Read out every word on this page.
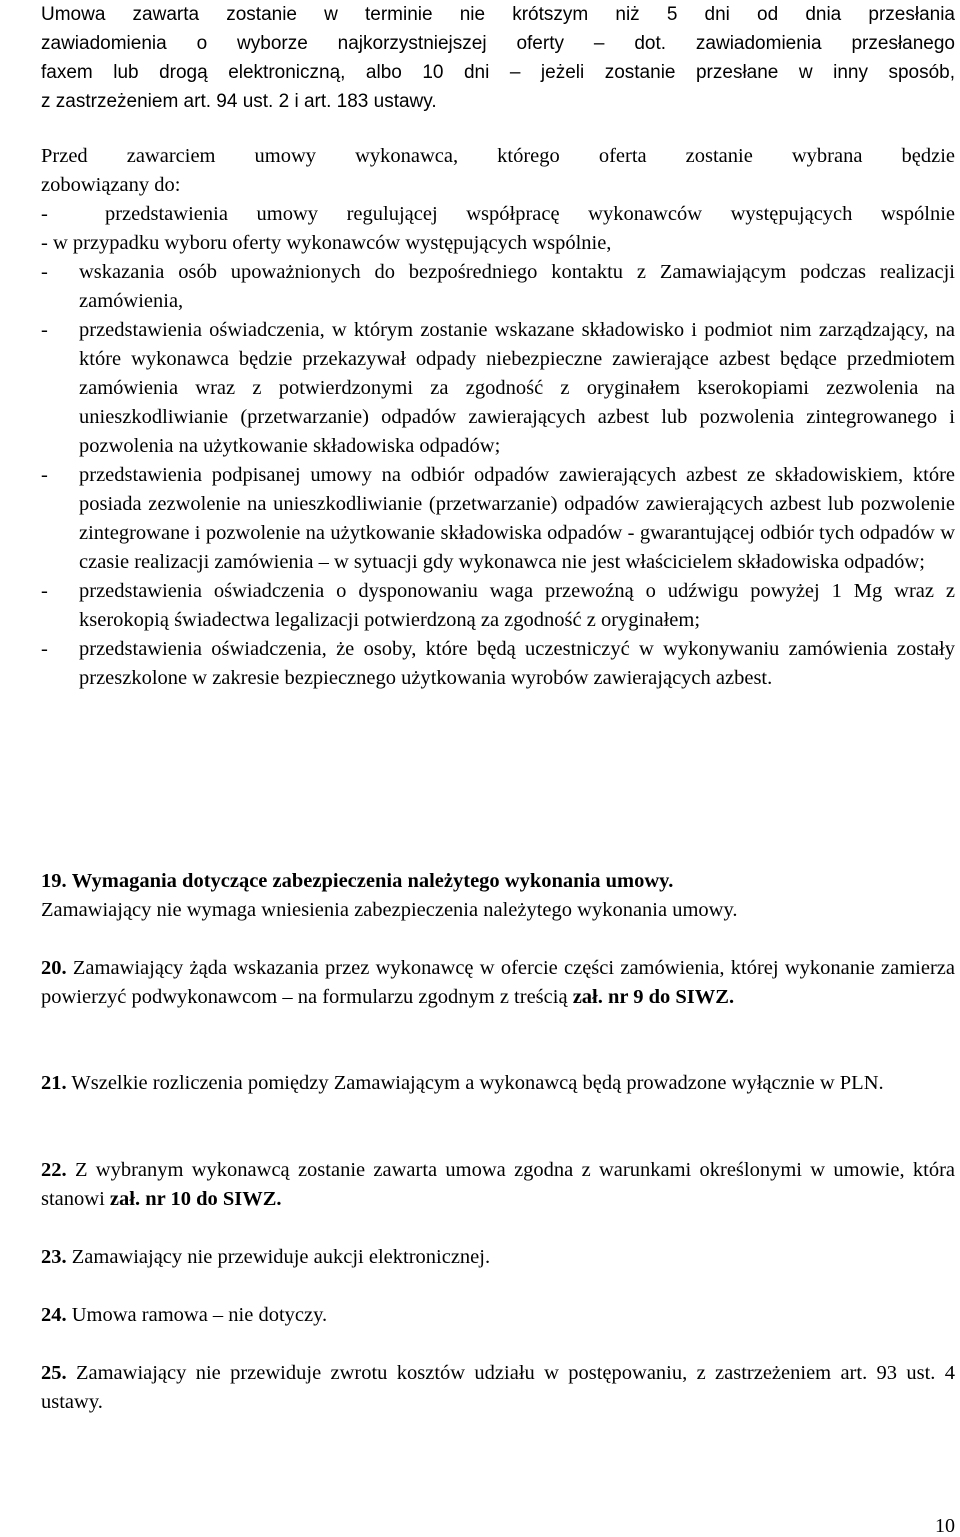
Umowa zawarta zostanie w terminie nie krótszym niż 5 dni od dnia przesłania
zawiadomienia o wyborze najkorzystniejszej oferty – dot. zawiadomienia przesłanego
faxem lub drogą elektroniczną, albo 10 dni – jeżeli zostanie przesłane w inny sposób,
z zastrzeżeniem art. 94 ust. 2 i art. 183 ustawy.
Przed zawarciem umowy wykonawca, którego oferta zostanie wybrana będzie
zobowiązany do:
-	przedstawienia umowy regulującej współpracę wykonawców występujących wspólnie
- w przypadku wyboru oferty wykonawców występujących wspólnie,
- wskazania osób upoważnionych do bezpośredniego kontaktu z Zamawiającym podczas realizacji zamówienia,
- przedstawienia oświadczenia, w którym zostanie wskazane składowisko i podmiot nim zarządzający, na które wykonawca będzie przekazywał odpady niebezpieczne zawierające azbest będące przedmiotem zamówienia wraz z potwierdzonymi za zgodność z oryginałem kserokopiami zezwolenia na unieszkodliwianie (przetwarzanie) odpadów zawierających azbest lub pozwolenia zintegrowanego i pozwolenia na użytkowanie składowiska odpadów;
- przedstawienia podpisanej umowy na odbiór odpadów zawierających azbest ze składowiskiem, które posiada zezwolenie na unieszkodliwianie (przetwarzanie) odpadów zawierających azbest lub pozwolenie zintegrowane i pozwolenie na użytkowanie składowiska odpadów - gwarantującej odbiór tych odpadów w czasie realizacji zamówienia – w sytuacji gdy wykonawca nie jest właścicielem składowiska odpadów;
- przedstawienia oświadczenia o dysponowaniu waga przewoźną o udźwigu powyżej 1 Mg wraz z kserokopią świadectwa legalizacji potwierdzoną za zgodność z oryginałem;
- przedstawienia oświadczenia, że osoby, które będą uczestniczyć w wykonywaniu zamówienia zostały przeszkolone w zakresie bezpiecznego użytkowania wyrobów zawierających azbest.
19. Wymagania dotyczące zabezpieczenia należytego wykonania umowy.
Zamawiający nie wymaga wniesienia zabezpieczenia należytego wykonania umowy.
20. Zamawiający żąda wskazania przez wykonawcę w ofercie części zamówienia, której wykonanie zamierza powierzyć podwykonawcom – na formularzu zgodnym z treścią zał. nr 9 do SIWZ.
21. Wszelkie rozliczenia pomiędzy Zamawiającym a wykonawcą będą prowadzone wyłącznie w PLN.
22. Z wybranym wykonawcą zostanie zawarta umowa zgodna z warunkami określonymi w umowie, która stanowi zał. nr 10 do SIWZ.
23. Zamawiający nie przewiduje aukcji elektronicznej.
24. Umowa ramowa – nie dotyczy.
25. Zamawiający nie przewiduje zwrotu kosztów udziału w postępowaniu, z zastrzeżeniem art. 93 ust. 4 ustawy.
10
